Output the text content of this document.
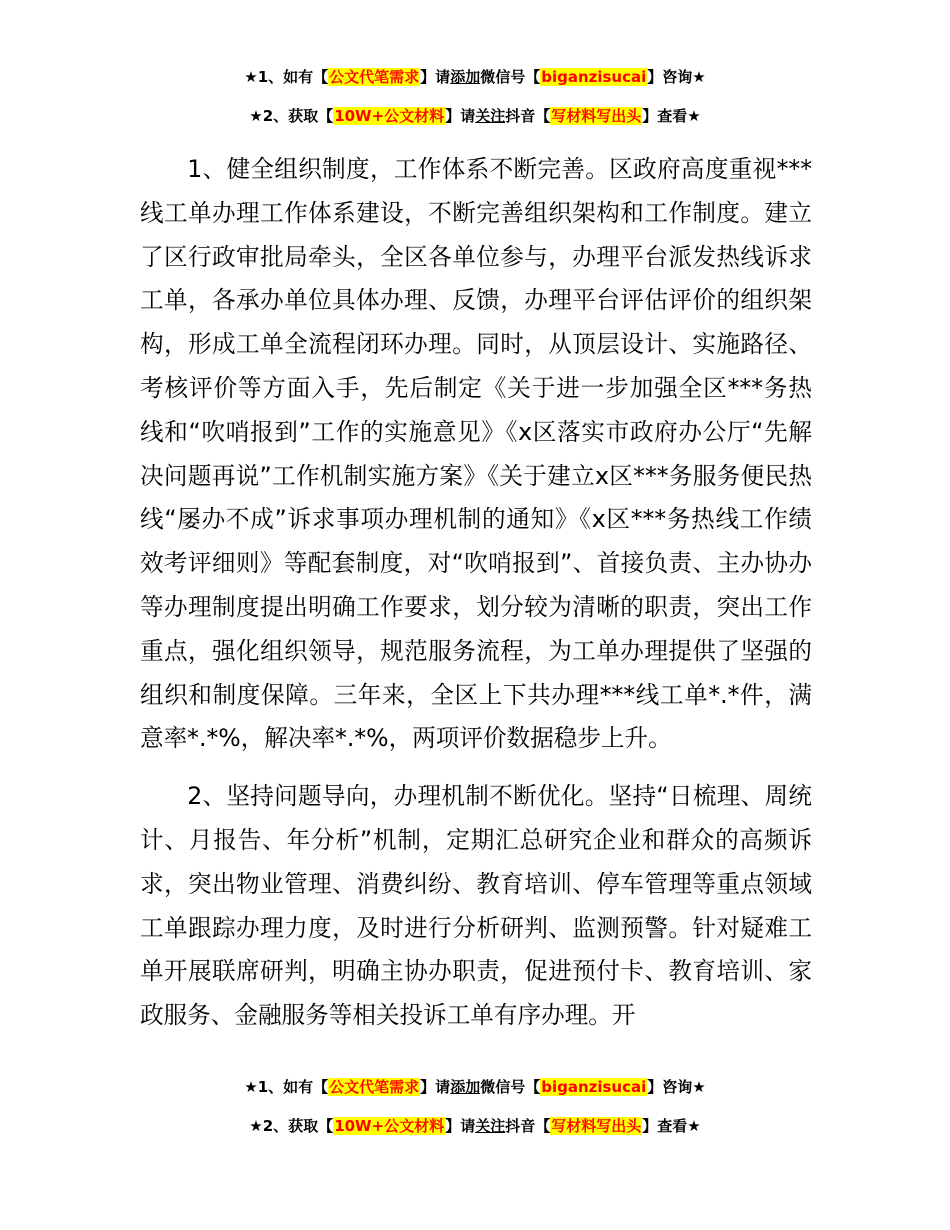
★1、如有【公文代笔需求】请添加微信号【biganzisucai】咨询★
★2、获取【10W+公文材料】请关注抖音【写材料写出头】查看★

1、健全组织制度，工作体系不断完善。区政府高度重视***线工单办理工作体系建设，不断完善组织架构和工作制度。建立了区行政审批局牵头，全区各单位参与，办理平台派发热线诉求工单，各承办单位具体办理、反馈，办理平台评估评价的组织架构，形成工单全流程闭环办理。同时，从顶层设计、实施路径、考核评价等方面入手，先后制定《关于进一步加强全区***务热线和“吹哨报到”工作的实施意见》《x区落实市政府办公厅“先解决问题再说”工作机制实施方案》《关于建立x区***务服务便民热线“屡办不成”诉求事项办理机制的通知》《x区***务热线工作绩效考评细则》等配套制度，对“吹哨报到”、首接负责、主办协办等办理制度提出明确工作要求，划分较为清晰的职责，突出工作重点，强化组织领导，规范服务流程，为工单办理提供了坚强的组织和制度保障。三年来，全区上下共办理***线工单*.*件，满意率*.*%，解决率*.*%，两项评价数据稳步上升。

2、坚持问题导向，办理机制不断优化。坚持“日梳理、周统计、月报告、年分析”机制，定期汇总研究企业和群众的高频诉求，突出物业管理、消费纠纷、教育培训、停车管理等重点领域工单跟踪办理力度，及时进行分析研判、监测预警。针对疑难工单开展联席研判，明确主协办职责，促进预付卡、教育培训、家政服务、金融服务等相关投诉工单有序办理。开

★1、如有【公文代笔需求】请添加微信号【biganzisucai】咨询★
★2、获取【10W+公文材料】请关注抖音【写材料写出头】查看★
